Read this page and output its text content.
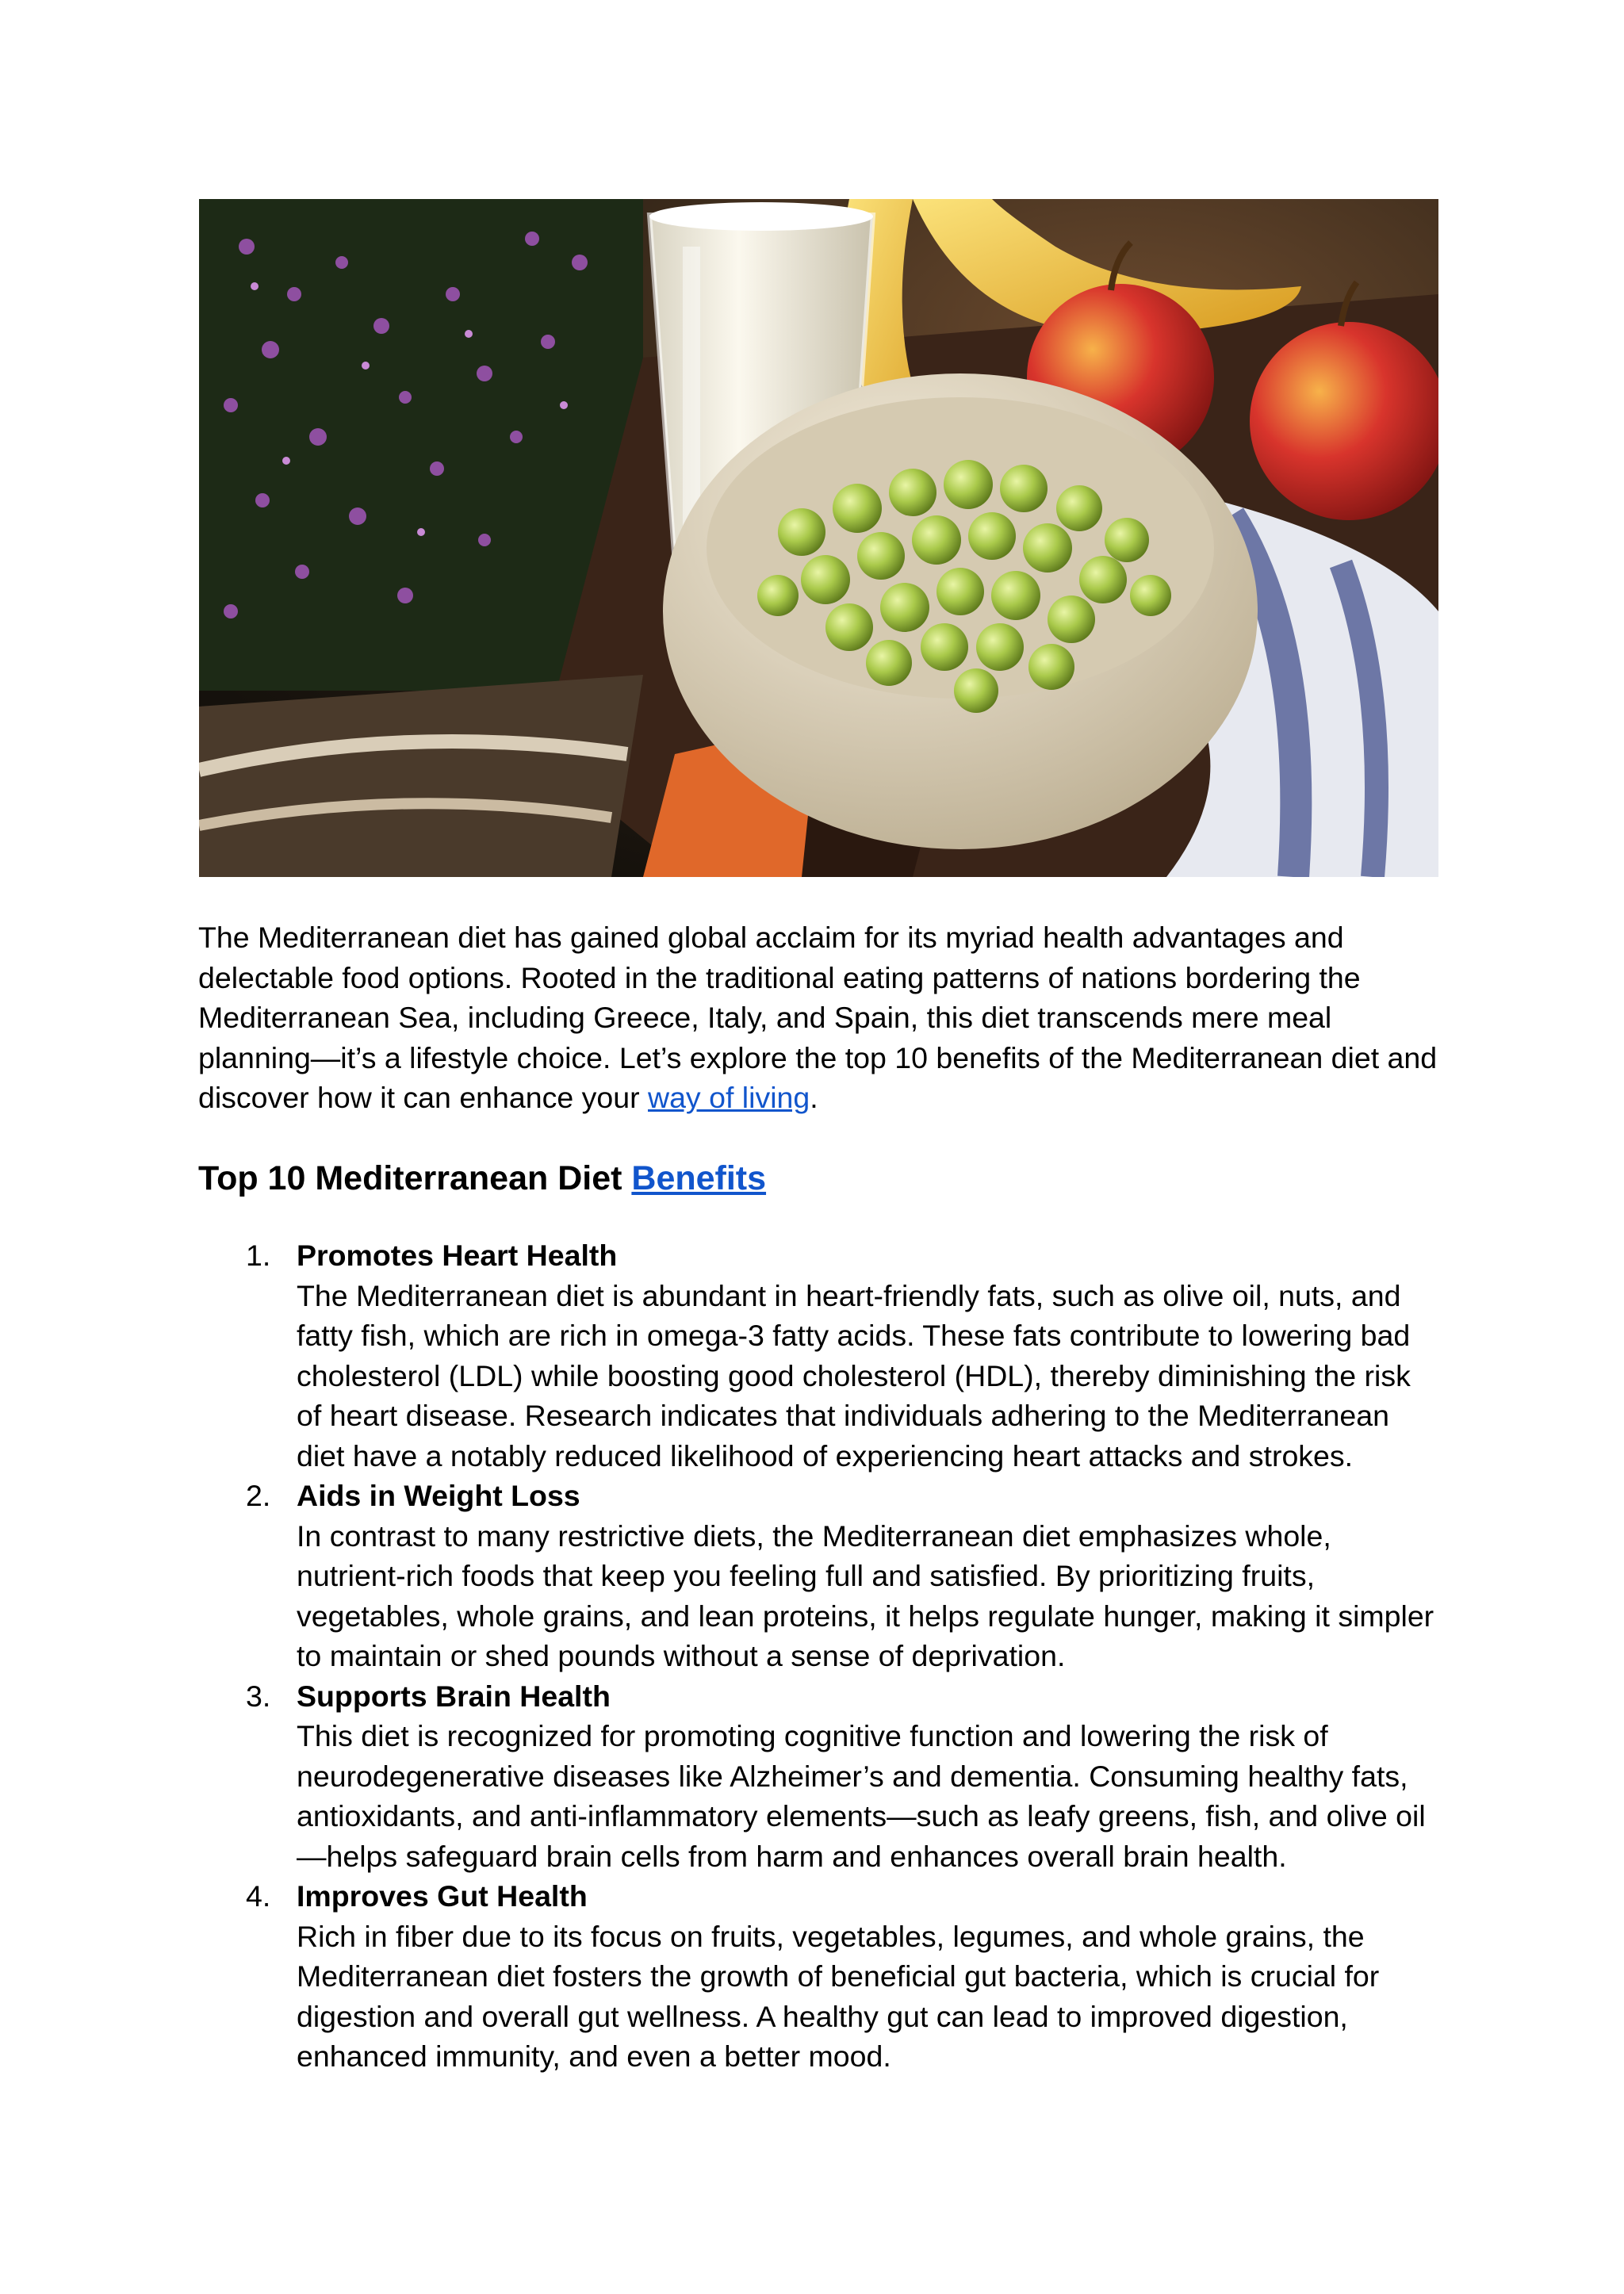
The Mediterranean diet has gained global acclaim for its myriad health advantages and delectable food options. Rooted in the traditional eating patterns of nations bordering the Mediterranean Sea, including Greece, Italy, and Spain, this diet transcends mere meal planning—it’s a lifestyle choice. Let’s explore the top 10 benefits of the Mediterranean diet and discover how it can enhance your way of living.

Top 10 Mediterranean Diet Benefits
1. Promotes Heart Health
The Mediterranean diet is abundant in heart-friendly fats, such as olive oil, nuts, and fatty fish, which are rich in omega-3 fatty acids. These fats contribute to lowering bad cholesterol (LDL) while boosting good cholesterol (HDL), thereby diminishing the risk of heart disease. Research indicates that individuals adhering to the Mediterranean diet have a notably reduced likelihood of experiencing heart attacks and strokes.
2. Aids in Weight Loss
In contrast to many restrictive diets, the Mediterranean diet emphasizes whole, nutrient-rich foods that keep you feeling full and satisfied. By prioritizing fruits, vegetables, whole grains, and lean proteins, it helps regulate hunger, making it simpler to maintain or shed pounds without a sense of deprivation.
3. Supports Brain Health
This diet is recognized for promoting cognitive function and lowering the risk of neurodegenerative diseases like Alzheimer’s and dementia. Consuming healthy fats, antioxidants, and anti-inflammatory elements—such as leafy greens, fish, and olive oil—helps safeguard brain cells from harm and enhances overall brain health.
4. Improves Gut Health
Rich in fiber due to its focus on fruits, vegetables, legumes, and whole grains, the Mediterranean diet fosters the growth of beneficial gut bacteria, which is crucial for digestion and overall gut wellness. A healthy gut can lead to improved digestion, enhanced immunity, and even a better mood.
